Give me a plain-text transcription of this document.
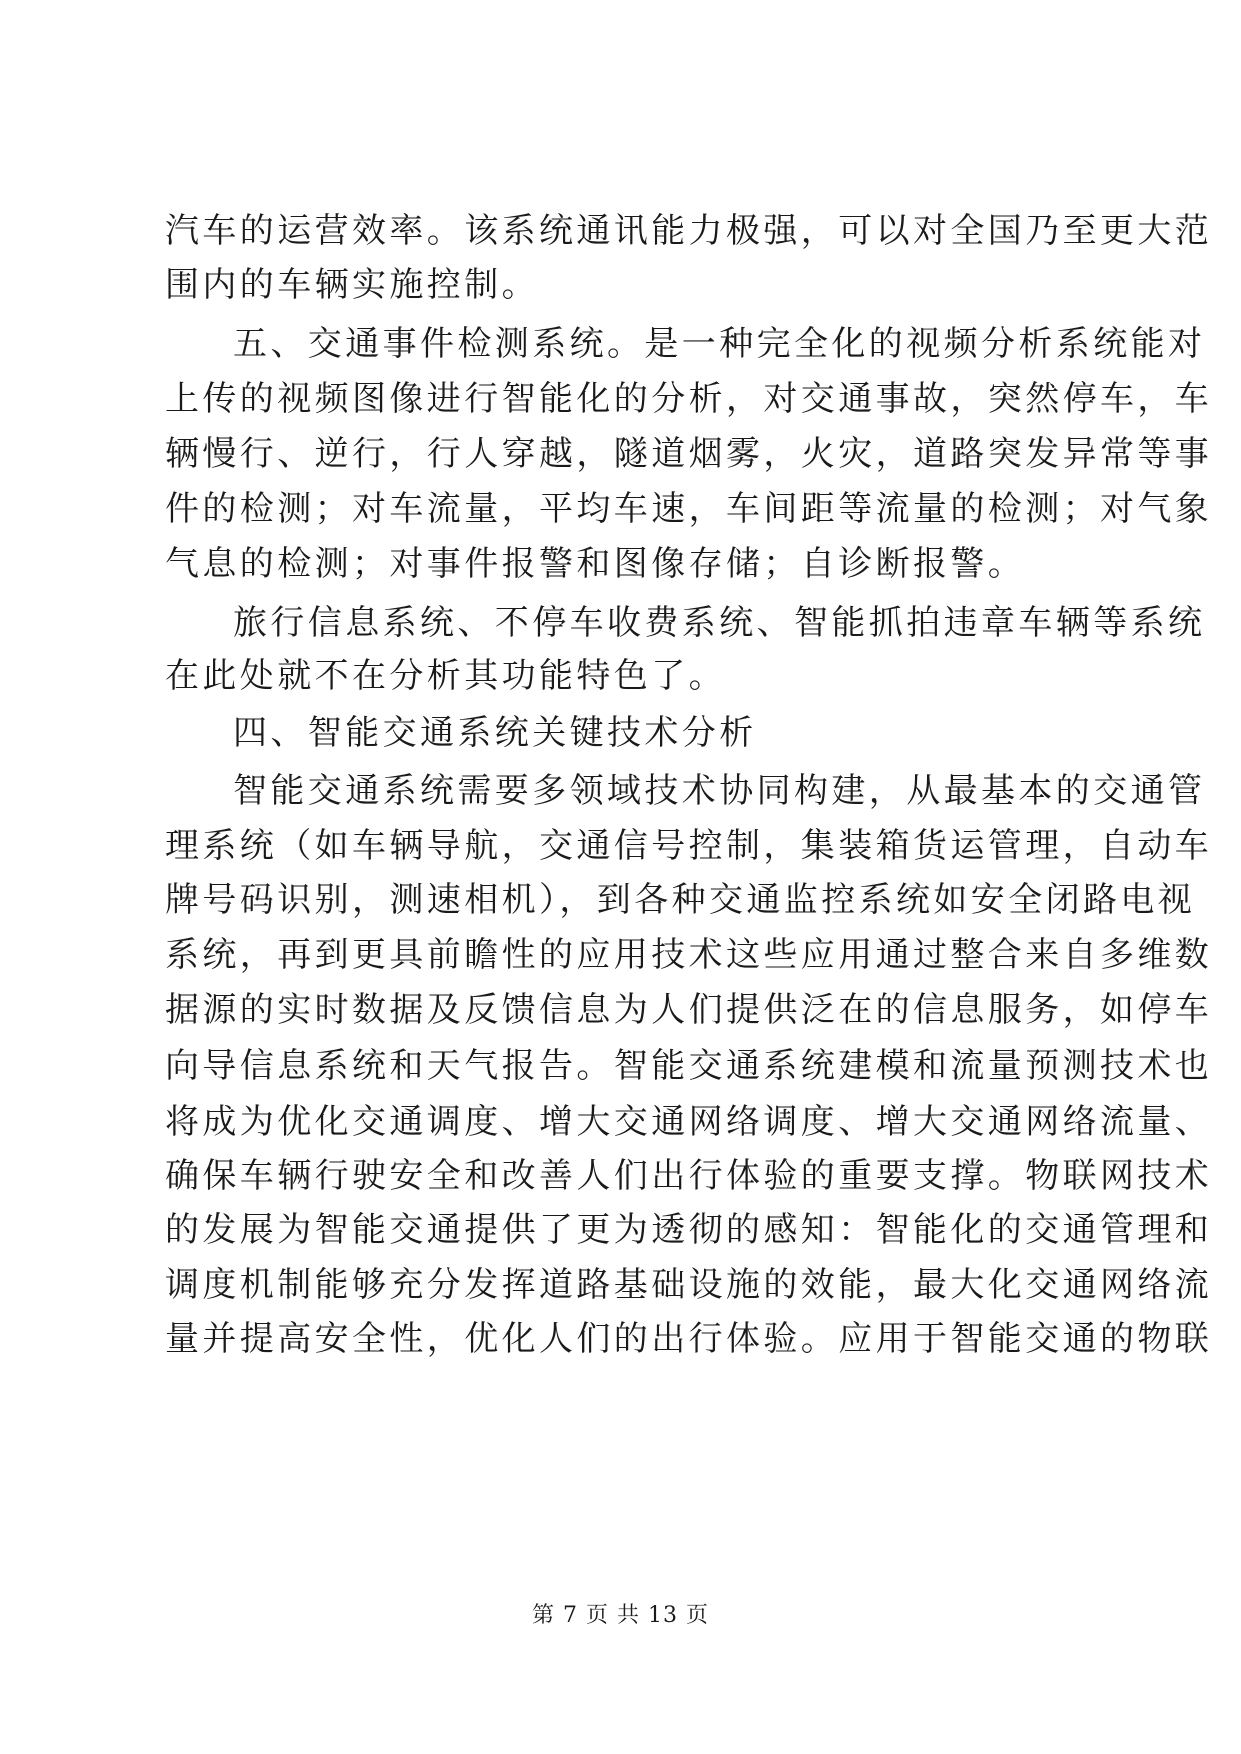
汽车的运营效率。该系统通讯能力极强，可以对全国乃至更大范
围内的车辆实施控制。
五、交通事件检测系统。是一种完全化的视频分析系统能对
上传的视频图像进行智能化的分析，对交通事故，突然停车，车
辆慢行、逆行，行人穿越，隧道烟雾，火灾，道路突发异常等事
件的检测；对车流量，平均车速，车间距等流量的检测；对气象
气息的检测；对事件报警和图像存储；自诊断报警。
旅行信息系统、不停车收费系统、智能抓拍违章车辆等系统
在此处就不在分析其功能特色了。
四、智能交通系统关键技术分析
智能交通系统需要多领域技术协同构建，从最基本的交通管
理系统（如车辆导航，交通信号控制，集装箱货运管理，自动车
牌号码识别，测速相机），到各种交通监控系统如安全闭路电视
系统，再到更具前瞻性的应用技术这些应用通过整合来自多维数
据源的实时数据及反馈信息为人们提供泛在的信息服务，如停车
向导信息系统和天气报告。智能交通系统建模和流量预测技术也
将成为优化交通调度、增大交通网络调度、增大交通网络流量、
确保车辆行驶安全和改善人们出行体验的重要支撑。物联网技术
的发展为智能交通提供了更为透彻的感知：智能化的交通管理和
调度机制能够充分发挥道路基础设施的效能，最大化交通网络流
量并提高安全性，优化人们的出行体验。应用于智能交通的物联
第 7 页 共 13 页
